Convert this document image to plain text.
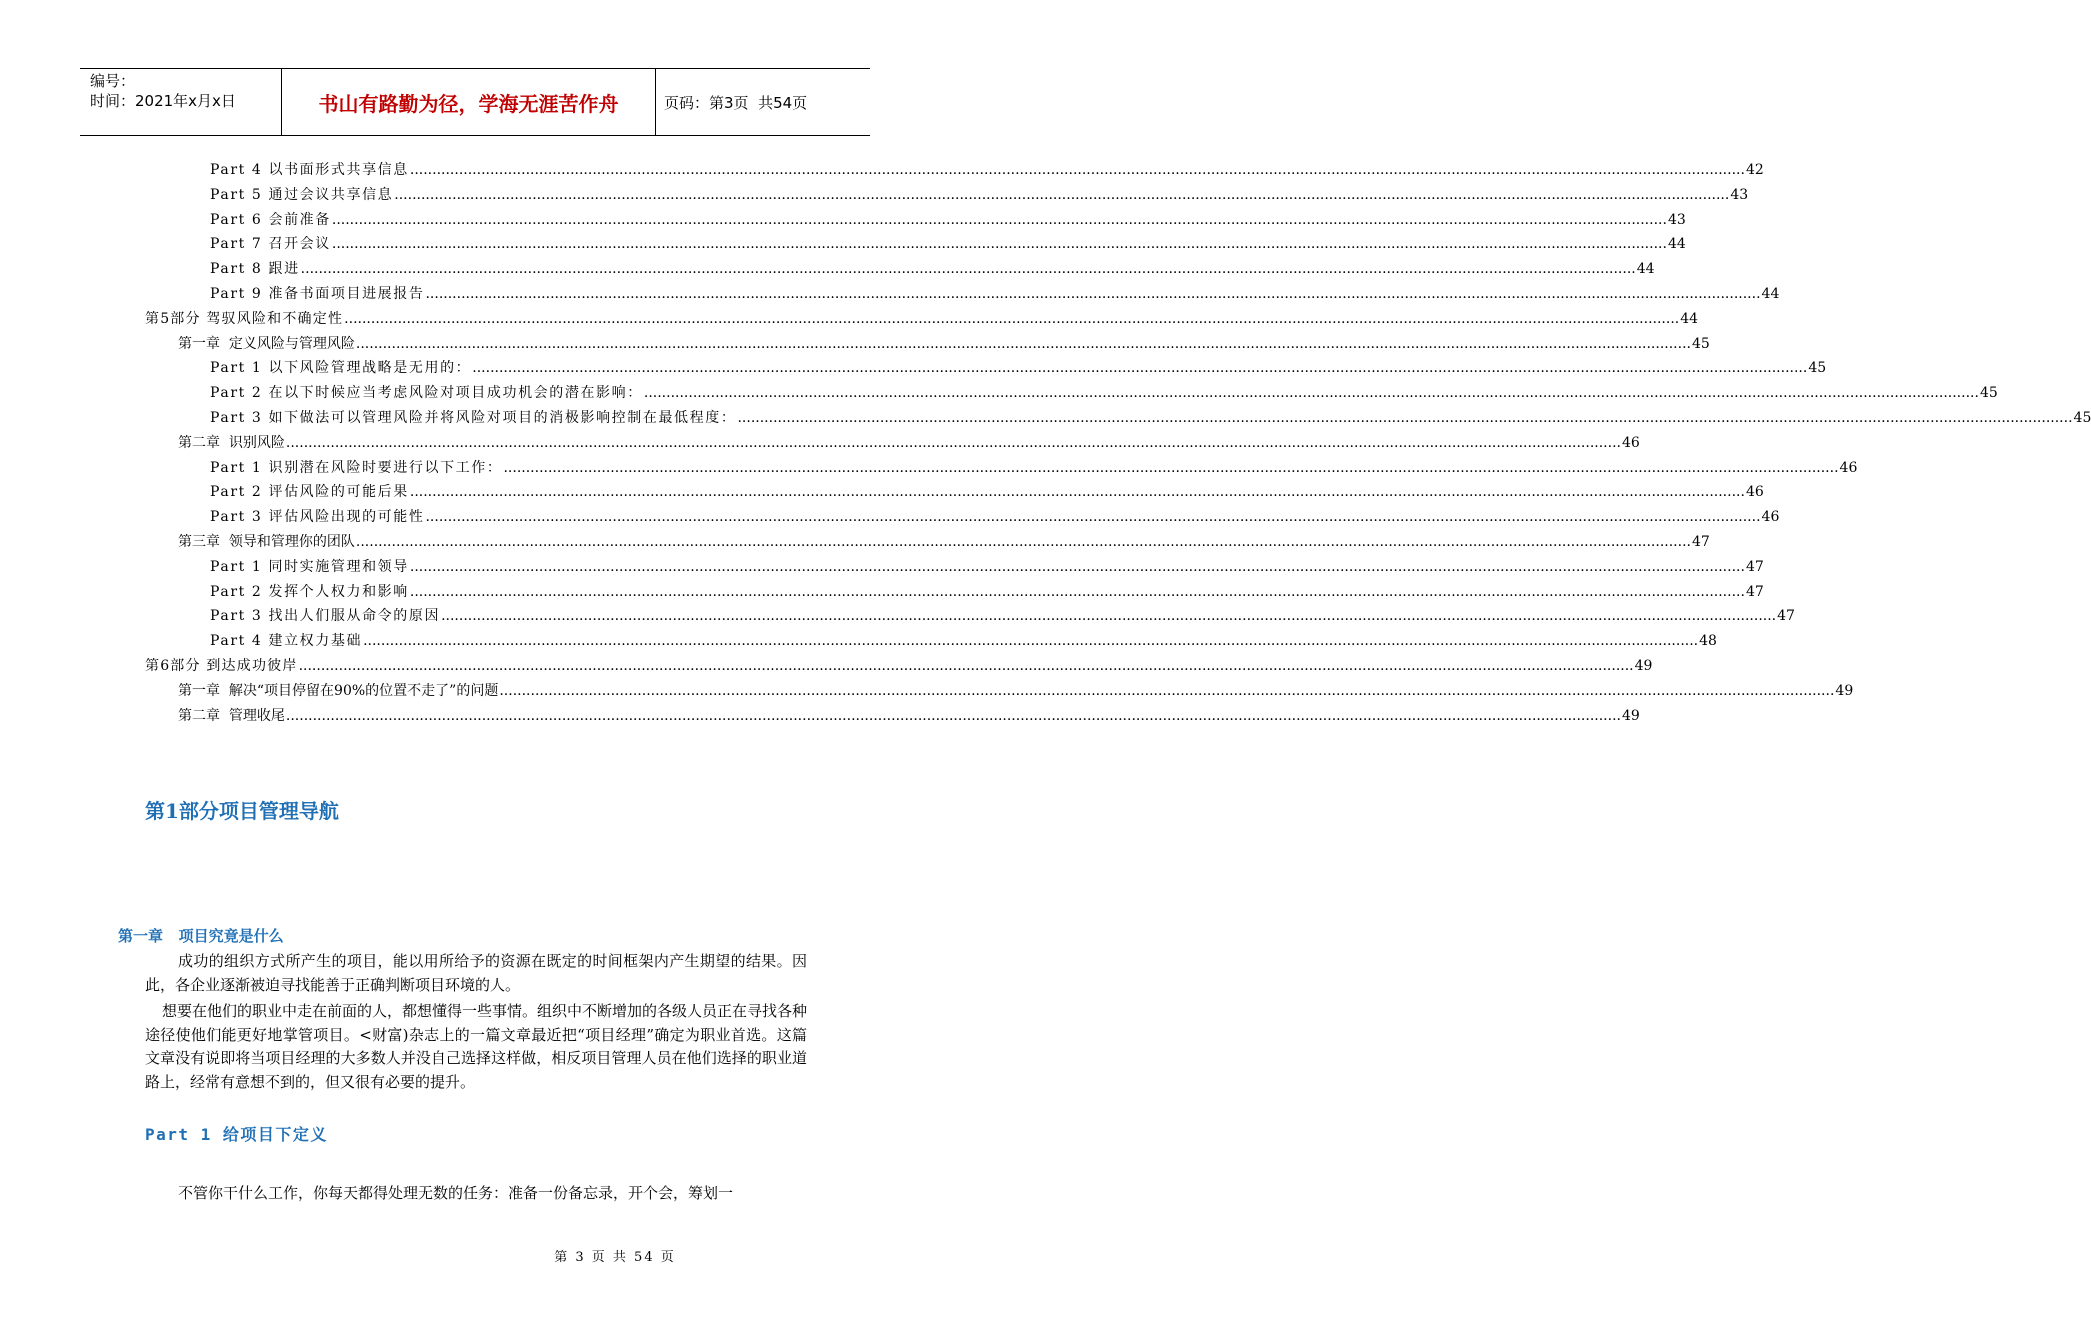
编号：
时间：2021年x月x日	书山有路勤为径，学海无涯苦作舟	页码：第3页  共54页
Part 4 以书面形式共享信息 ............................................................................................................................................................................................................................................................................................................ 42
Part 5 通过会议共享信息 ............................................................................................................................................................................................................................................................................................................ 43
Part 6 会前准备 ............................................................................................................................................................................................................................................................................................................ 43
Part 7 召开会议 ............................................................................................................................................................................................................................................................................................................ 44
Part 8 跟进 ............................................................................................................................................................................................................................................................................................................ 44
Part 9 准备书面项目进展报告 ............................................................................................................................................................................................................................................................................................................ 44
第5部分 驾驭风险和不确定性 ............................................................................................................................................................................................................................................................................................................ 44
第一章  定义风险与管理风险 ............................................................................................................................................................................................................................................................................................................ 45
Part 1 以下风险管理战略是无用的： ............................................................................................................................................................................................................................................................................................................ 45
Part 2 在以下时候应当考虑风险对项目成功机会的潜在影响： ............................................................................................................................................................................................................................................................................................................ 45
Part 3 如下做法可以管理风险并将风险对项目的消极影响控制在最低程度： ............................................................................................................................................................................................................................................................................................................ 45
第二章  识别风险 ............................................................................................................................................................................................................................................................................................................ 46
Part 1 识别潜在风险时要进行以下工作： ............................................................................................................................................................................................................................................................................................................ 46
Part 2 评估风险的可能后果 ............................................................................................................................................................................................................................................................................................................ 46
Part 3 评估风险出现的可能性 ............................................................................................................................................................................................................................................................................................................ 46
第三章  领导和管理你的团队 ............................................................................................................................................................................................................................................................................................................ 47
Part 1 同时实施管理和领导 ............................................................................................................................................................................................................................................................................................................ 47
Part 2 发挥个人权力和影响 ............................................................................................................................................................................................................................................................................................................ 47
Part 3 找出人们服从命令的原因 ............................................................................................................................................................................................................................................................................................................ 47
Part 4 建立权力基础 ............................................................................................................................................................................................................................................................................................................ 48
第6部分 到达成功彼岸 ............................................................................................................................................................................................................................................................................................................ 49
第一章  解决“项目停留在90%的位置不走了”的问题 ............................................................................................................................................................................................................................................................................................................ 49
第二章  管理收尾 ............................................................................................................................................................................................................................................................................................................ 49
第1部分项目管理导航
第一章   项目究竟是什么
成功的组织方式所产生的项目，能以用所给予的资源在既定的时间框架内产生期望的结果。因此，各企业逐渐被迫寻找能善于正确判断项目环境的人。
想要在他们的职业中走在前面的人，都想懂得一些事情。组织中不断增加的各级人员正在寻找各种途径使他们能更好地掌管项目。<财富)杂志上的一篇文章最近把“项目经理”确定为职业首选。这篇文章没有说即将当项目经理的大多数人并没自己选择这样做，相反项目管理人员在他们选择的职业道路上，经常有意想不到的，但又很有必要的提升。
Part 1 给项目下定义
不管你干什么工作，你每天都得处理无数的任务：准备一份备忘录，开个会，筹划一
第 3 页 共 54 页
